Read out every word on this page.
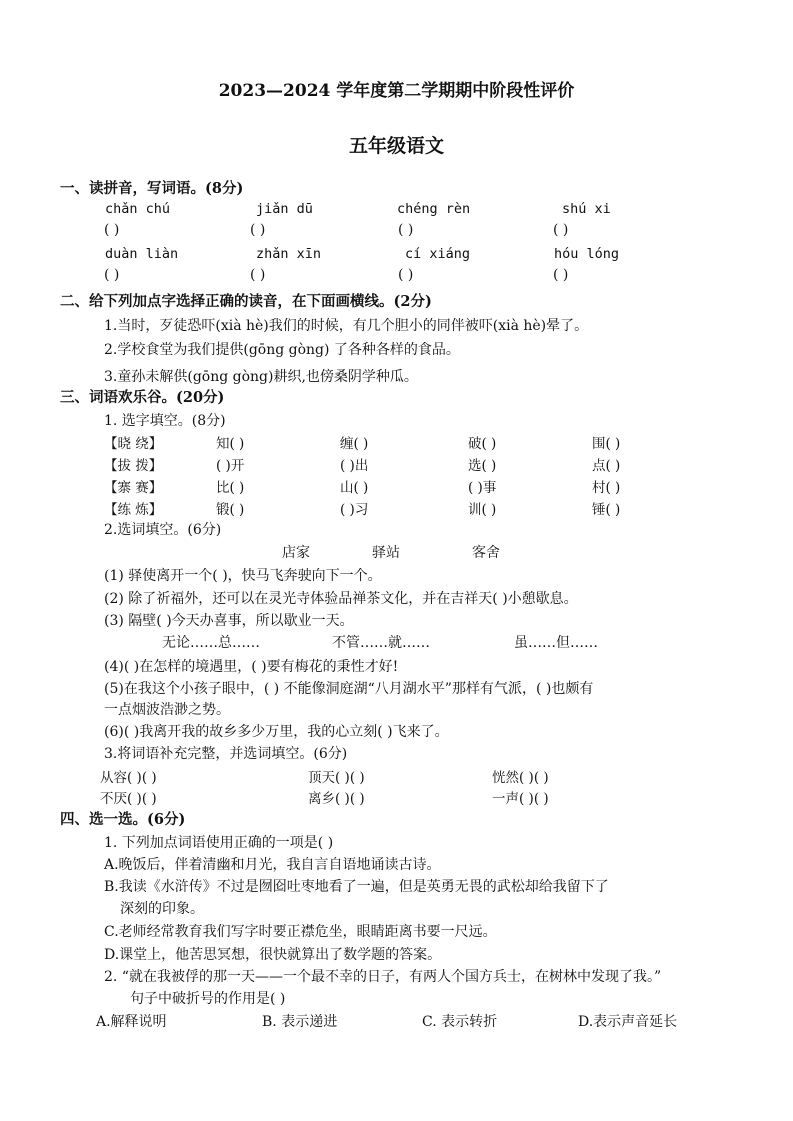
2023—2024 学年度第二学期期中阶段性评价
五年级语文
一、读拼音，写词语。(8分)
chǎn chú	jiǎn dū	chéng rèn	shú xi
( )	( )	( )	( )
duàn liàn	zhǎn xīn	cí xiáng	hóu lóng
( )	( )	( )	( )
二、给下列加点字选择正确的读音，在下面画横线。(2分)
1.当时，歹徒恐吓(xià hè)我们的时候，有几个胆小的同伴被吓(xià hè)晕了。
2.学校食堂为我们提供(gōng gòng) 了各种各样的食品。
3.童孙未解供(gōng gòng)耕织,也傍桑阴学种瓜。
三、词语欢乐谷。(20分)
1. 选字填空。(8分)
【晓 绕】	知( )	缠( )	破( )	围( )
【拔 拨】	( )开	( )出	选( )	点( )
【寨 赛】	比( )	山( )	( )事	村( )
【练 炼】	锻( )	( )习	训( )	锤( )
2.选词填空。(6分)
店家	驿站	客舍
(1) 驿使离开一个( )，快马飞奔驶向下一个。
(2) 除了祈福外，还可以在灵光寺体验品禅茶文化，并在吉祥天( )小憩歇息。
(3) 隔壁( )今天办喜事，所以歇业一天。
无论……总……	不管……就……	虽……但……
(4)( )在怎样的境遇里，( )要有梅花的秉性才好!
(5)在我这个小孩子眼中，( ) 不能像洞庭湖“八月湖水平”那样有气派，( )也颇有
一点烟波浩渺之势。
(6)( )我离开我的故乡多少万里，我的心立刻( )飞来了。
3.将词语补充完整，并选词填空。(6分)
从容( )( )	顶天( )( )	恍然( )( )
不厌( )( )	离乡( )( )	一声( )( )
四、选一选。(6分)
1. 下列加点词语使用正确的一项是( )
A.晚饭后，伴着清幽和月光，我自言自语地诵读古诗。
B.我读《水浒传》不过是囫囵吐枣地看了一遍，但是英勇无畏的武松却给我留下了
深刻的印象。
C.老师经常教育我们写字时要正襟危坐，眼睛距离书要一尺远。
D.课堂上，他苦思冥想，很快就算出了数学题的答案。
2. “就在我被俘的那一天——一个最不幸的日子，有两人个国方兵士，在树林中发现了我。”
句子中破折号的作用是( )
A.解释说明	B. 表示递进	C. 表示转折	D.表示声音延长
